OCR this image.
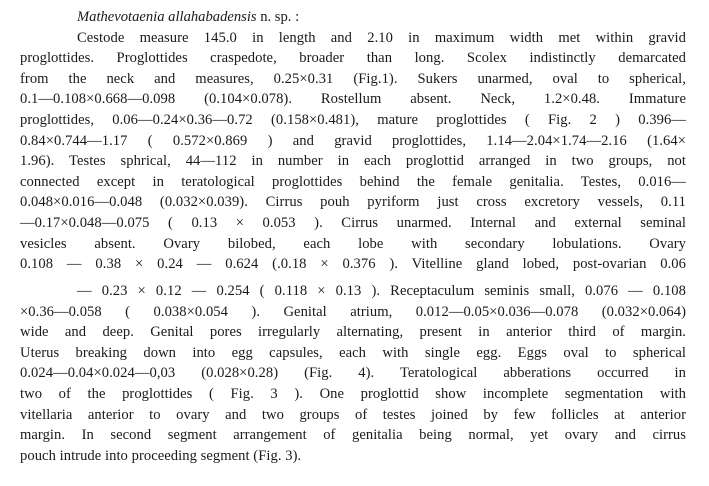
Mathevotaenia allahabadensis n. sp. :
Cestode measure 145.0 in length and 2.10 in maximum width met within gravid
proglottides. Proglottides craspedote, broader than long. Scolex indistinctly demarcated
from the neck and measures, 0.25×0.31 (Fig.1). Sukers unarmed, oval to spherical,
0.1—0.108×0.668—0.098 (0.104×0.078). Rostellum absent. Neck, 1.2×0.48. Immature
proglottides, 0.06—0.24×0.36—0.72 (0.158×0.481), mature proglottides ( Fig. 2 ) 0.396—
0.84×0.744—1.17 ( 0.572×0.869 ) and gravid proglottides, 1.14—2.04×1.74—2.16 (1.64×
1.96). Testes sphrical, 44—112 in number in each proglottid arranged in two groups, not
connected except in teratological proglottides behind the female genitalia. Testes, 0.016—
0.048×0.016—0.048 (0.032×0.039). Cirrus pouh pyriform just cross excretory vessels, 0.11
—0.17×0.048—0.075 ( 0.13 × 0.053 ). Cirrus unarmed. Internal and external seminal
vesicles absent. Ovary bilobed, each lobe with secondary lobulations. Ovary
0.108 — 0.38 × 0.24 — 0.624 (.0.18 × 0.376 ). Vitelline gland lobed, post-ovarian 0.06
— 0.23 × 0.12 — 0.254 ( 0.118 × 0.13 ). Receptaculum seminis small, 0.076 — 0.108
×0.36—0.058 ( 0.038×0.054 ). Genital atrium, 0.012—0.05×0.036—0.078 (0.032×0.064)
wide and deep. Genital pores irregularly alternating, present in anterior third of margin.
Uterus breaking down into egg capsules, each with single egg. Eggs oval to spherical
0.024—0.04×0.024—0,03 (0.028×0.28) (Fig. 4). Teratological abberations occurred in
two of the proglottides ( Fig. 3 ). One proglottid show incomplete segmentation with
vitellaria anterior to ovary and two groups of testes joined by few follicles at anterior
margin. In second segment arrangement of genitalia being normal, yet ovary and cirrus
pouch intrude into proceeding segment (Fig. 3).
